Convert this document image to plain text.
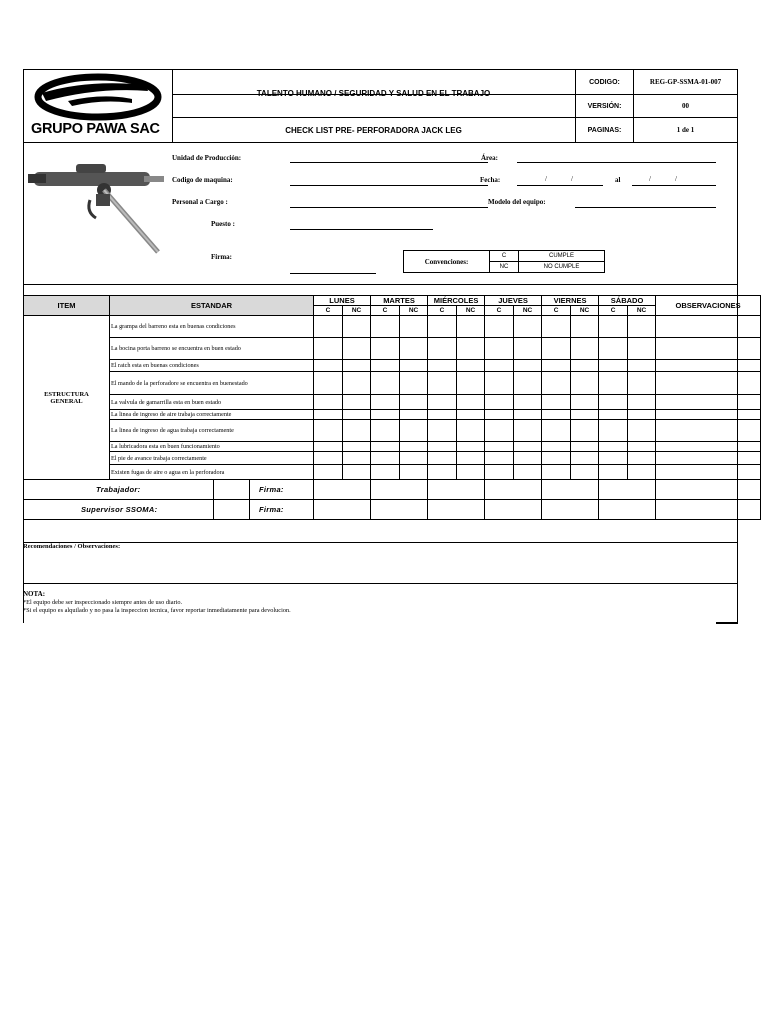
GRUPO PAWA SAC
TALENTO HUMANO / SEGURIDAD Y SALUD EN EL TRABAJO
CHECK LIST PRE- PERFORADORA JACK LEG
CODIGO:	REG-GP-SSMA-01-007
VERSIÓN:	00
PAGINAS:	1 de 1
Unidad de Producción:	Área:
Codigo de maquina:	Fecha:	/	/	al	/	/
Personal a Cargo :	Modelo del equipo:
Puesto :
Firma:
Convenciones:	C	CUMPLE
	NC	NO CUMPLE
ITEM	ESTANDAR	LUNES		MARTES		MIÉRCOLES		JUEVES		VIERNES		SÁBADO		OBSERVACIONES
		C	NC	C	NC	C	NC	C	NC	C	NC	C	NC	

ESTRUCTURA
GENERAL	La grampa del barreno esta en buenas condiciones													
	La bocina porta barreno se encuentra en buen estado													
	El ratch esta en buenas condiciones													
	El mando de la perforadore se encuentra en buenestado													
	La valvula de gamarrilla esta en buen estado													
	La linea de ingreso de aire trabaja correctamente													
	La linea de ingreso de agua trabaja correctamente													
	La lubricadora esta en buen funcionamiento													
	El pie de avance trabaja correctamente													
	Existen fugas de aire o agua en la perforadora													

Trabajador: Firma:														

Supervisor SSOMA: Firma:														

Recomendaciones / Observaciones:
NOTA:
*El equipo debe ser inspeccionado siempre antes de uso diario.
*Si el equipo es alquilado y no pasa la inspeccion tecnica, favor reportar inmediatamente para devolucion.
